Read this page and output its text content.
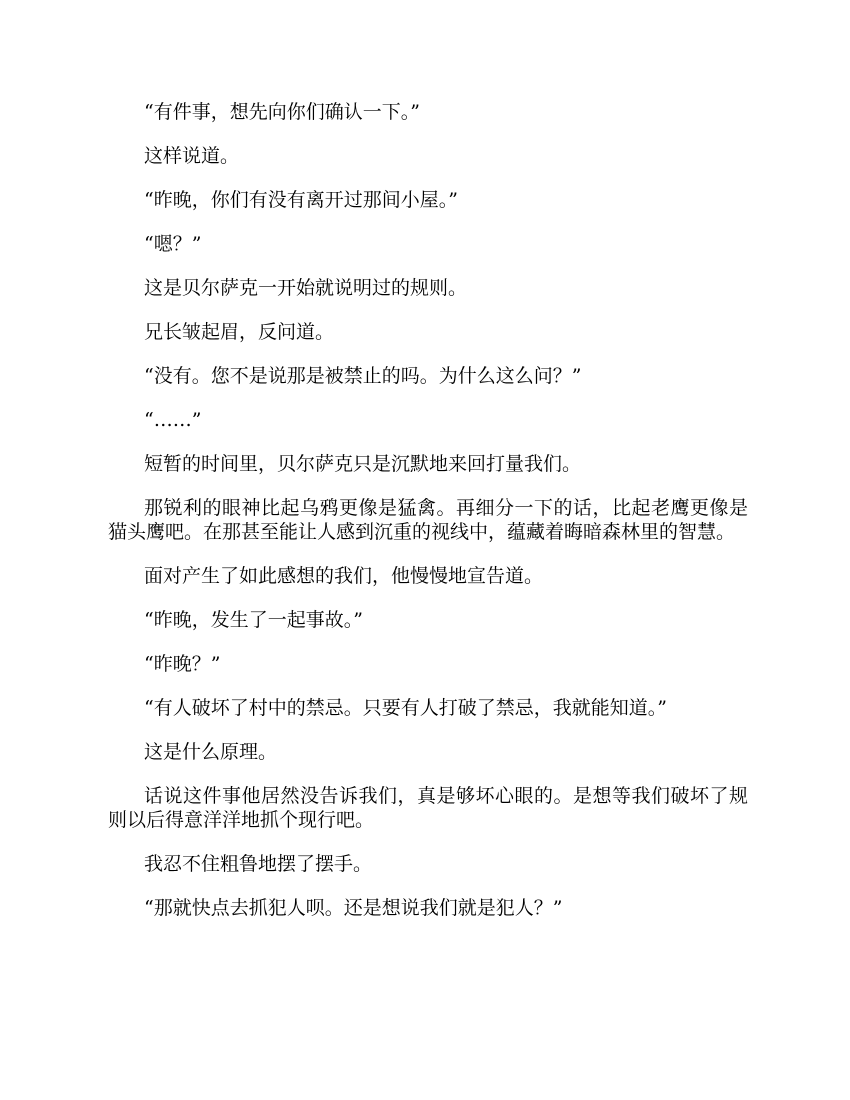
“有件事，想先向你们确认一下。”

这样说道。

“昨晚，你们有没有离开过那间小屋。”

“嗯？”

这是贝尔萨克一开始就说明过的规则。

兄长皱起眉，反问道。

“没有。您不是说那是被禁止的吗。为什么这么问？”

“……”

短暂的时间里，贝尔萨克只是沉默地来回打量我们。

那锐利的眼神比起乌鸦更像是猛禽。再细分一下的话，比起老鹰更像是猫头鹰吧。在那甚至能让人感到沉重的视线中，蕴藏着晦暗森林里的智慧。

面对产生了如此感想的我们，他慢慢地宣告道。

“昨晚，发生了一起事故。”

“昨晚？”

“有人破坏了村中的禁忌。只要有人打破了禁忌，我就能知道。”

这是什么原理。

话说这件事他居然没告诉我们，真是够坏心眼的。是想等我们破坏了规则以后得意洋洋地抓个现行吧。

我忍不住粗鲁地摆了摆手。

“那就快点去抓犯人呗。还是想说我们就是犯人？”
